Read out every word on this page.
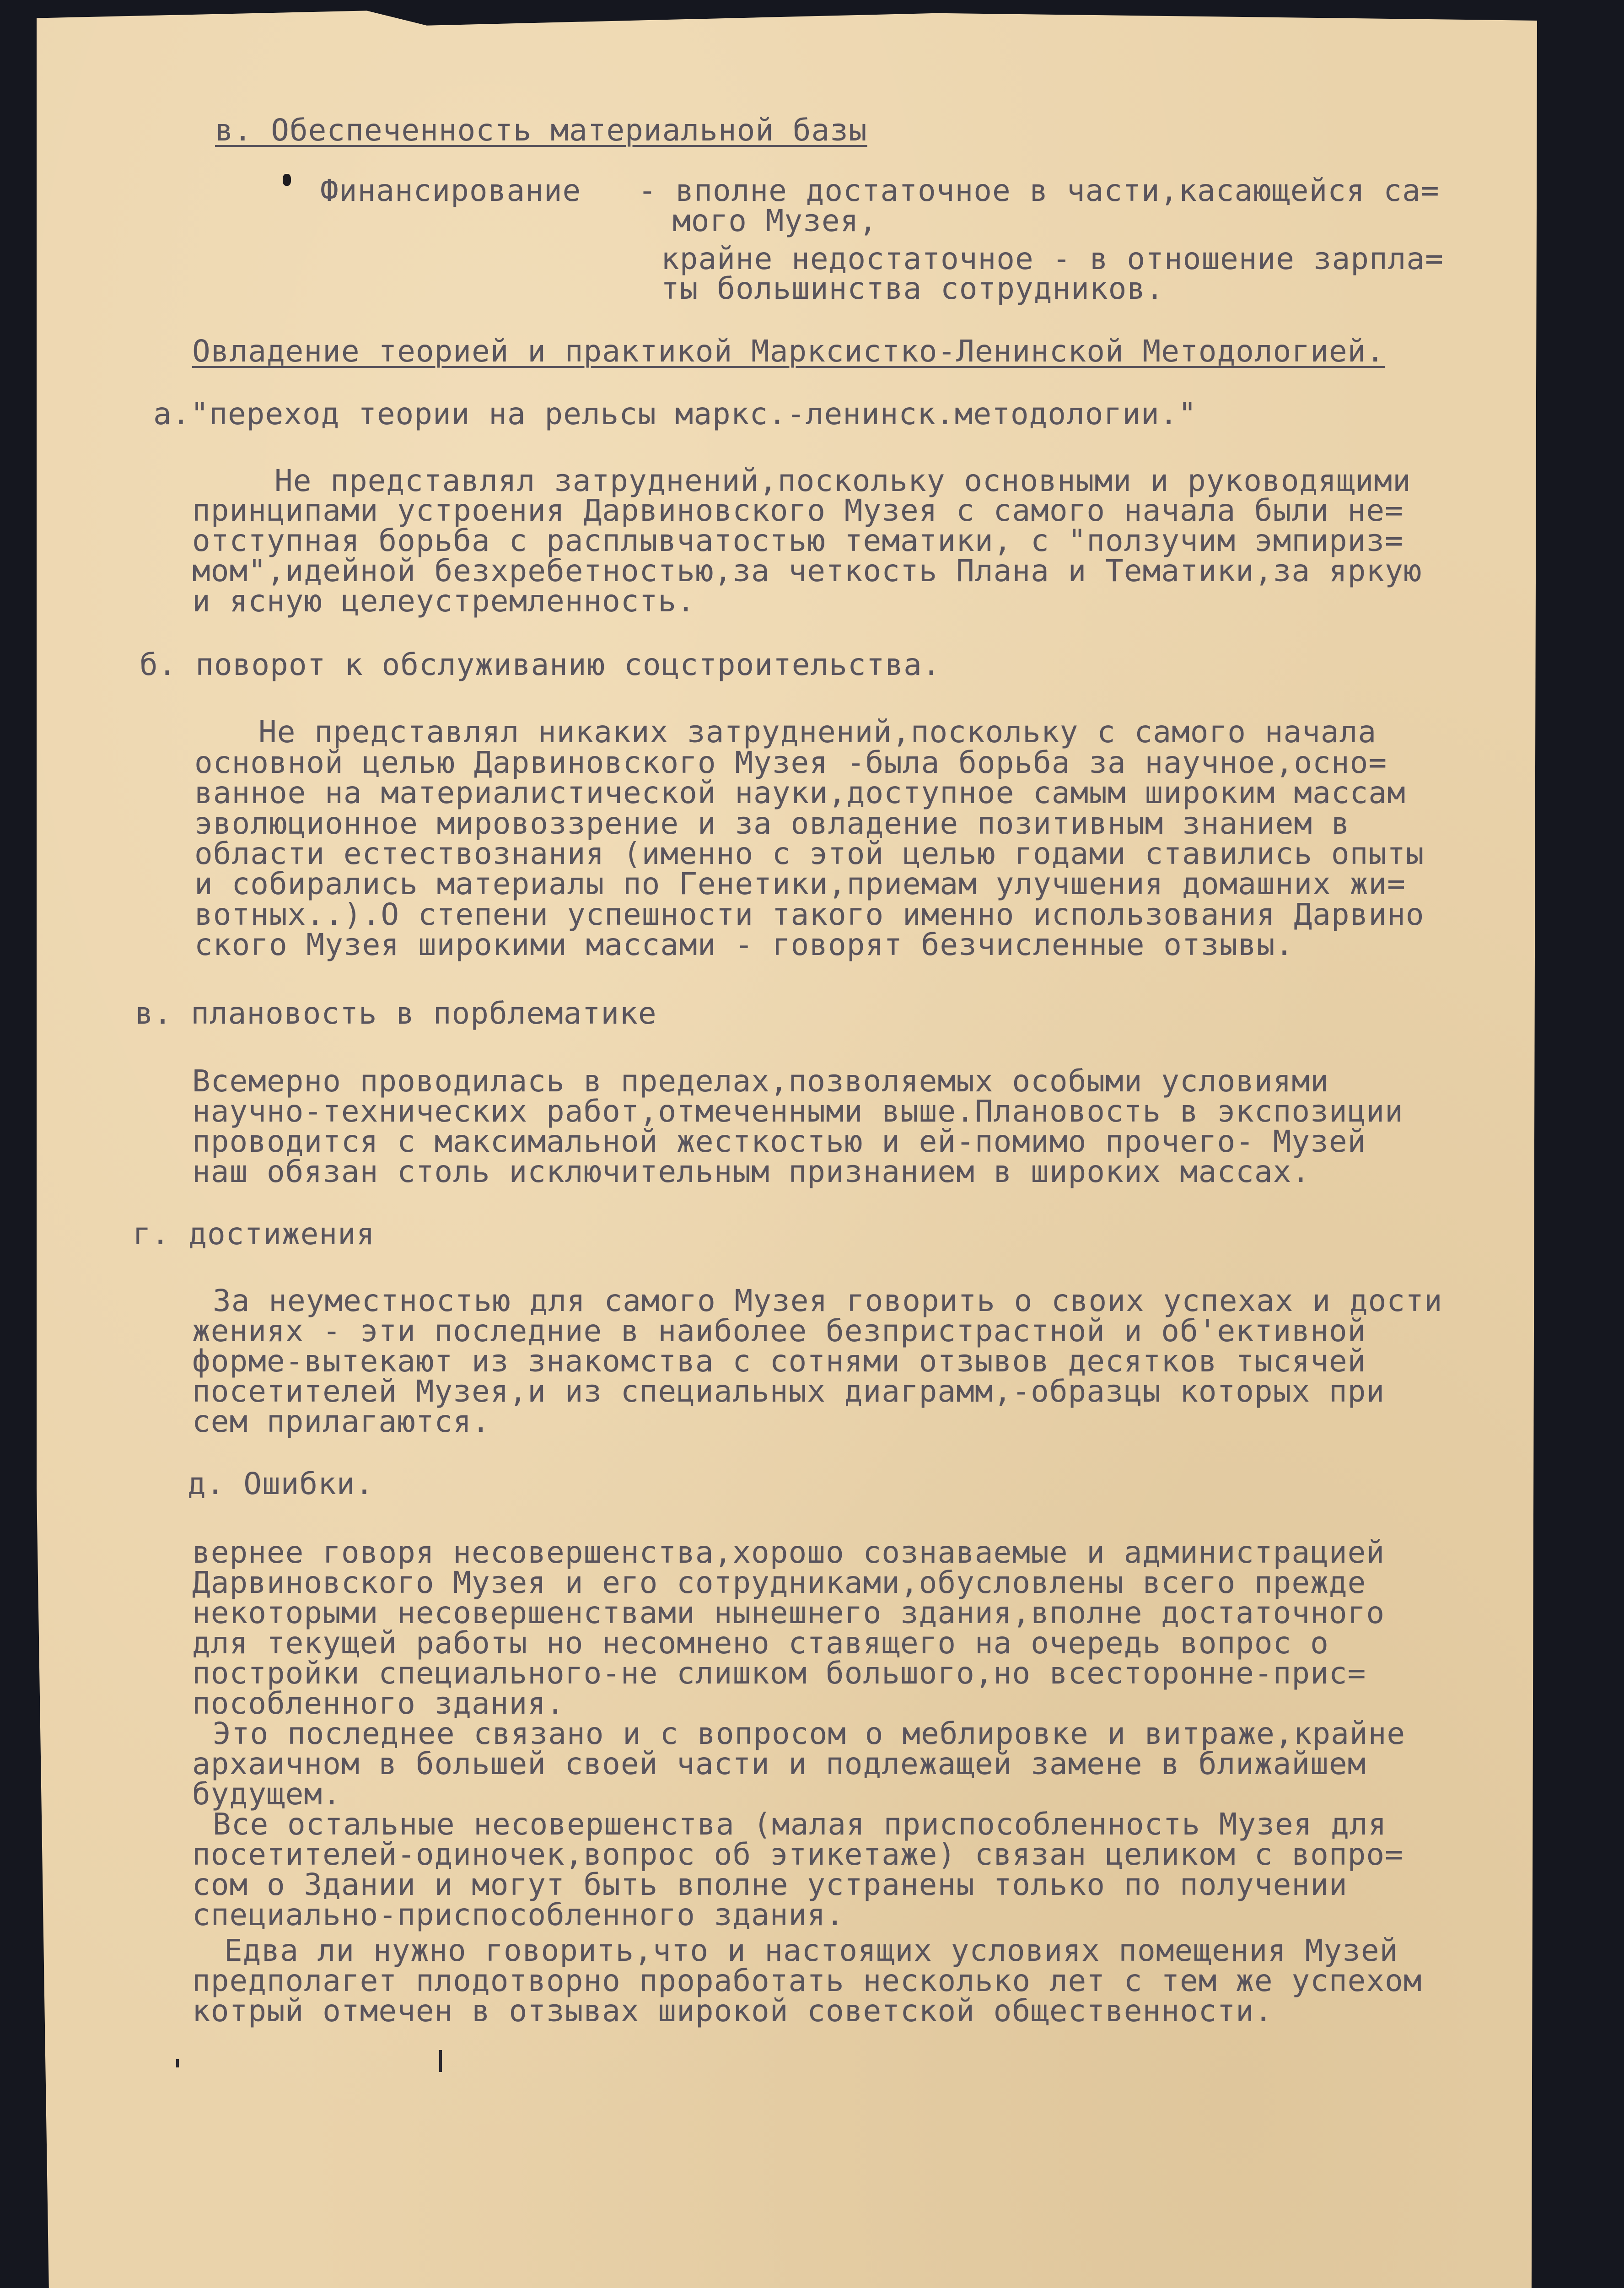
в. Обеспеченность материальной базы

Финансирование - вполне достаточное в части,касающейся са=

мого Музея,

крайне недостаточное - в отношение зарпла=

ты большинства сотрудников.

Овладение теорией и практикой Марксистко-Ленинской Методологией.

а."переход теории на рельсы маркс.-ленинск.методологии."

Не представлял затруднений,поскольку основными и руководящими

принципами устроения Дарвиновского Музея с самого начала были не=

отступная борьба с расплывчатостью тематики, с "ползучим эмпириз=

мом",идейной безхребетностью,за четкость Плана и Тематики,за яркую

и ясную целеустремленность.

б. поворот к обслуживанию соцстроительства.

Не представлял никаких затруднений,поскольку с самого начала

основной целью Дарвиновского Музея -была борьба за научное,осно=

ванное на материалистической науки,доступное самым широким массам

эволюционное мировоззрение и за овладение позитивным знанием в

области естествознания (именно с этой целью годами ставились опыты

и собирались материалы по Генетики,приемам улучшения домашних жи=

вотных..).О степени успешности такого именно использования Дарвино

ского Музея широкими массами - говорят безчисленные отзывы.

в. плановость в порблематике

Всемерно проводилась в пределах,позволяемых особыми условиями

научно-технических работ,отмеченными выше.Плановость в экспозиции

проводится с максимальной жесткостью и ей-помимо прочего- Музей

наш обязан столь исключительным признанием в широких массах.

г. достижения

За неуместностью для самого Музея говорить о своих успехах и дости

жениях - эти последние в наиболее безпристрастной и об'ективной

форме-вытекают из знакомства с сотнями отзывов десятков тысячей

посетителей Музея,и из специальных диаграмм,-образцы которых при

сем прилагаются.

д. Ошибки.

вернее говоря несовершенства,хорошо сознаваемые и администрацией

Дарвиновского Музея и его сотрудниками,обусловлены всего прежде

некоторыми несовершенствами нынешнего здания,вполне достаточного

для текущей работы но несомнено ставящего на очередь вопрос о

постройки специального-не слишком большого,но всесторонне-прис=

пособленного здания.

Это последнее связано и с вопросом о меблировке и витраже,крайне

архаичном в большей своей части и подлежащей замене в ближайшем

будущем.

Все остальные несовершенства (малая приспособленность Музея для

посетителей-одиночек,вопрос об этикетаже) связан целиком с вопро=

сом о Здании и могут быть вполне устранены только по получении

специально-приспособленного здания.

Едва ли нужно говорить,что и настоящих условиях помещения Музей

предполагет плодотворно проработать несколько лет с тем же успехом

котрый отмечен в отзывах широкой советской общественности.
